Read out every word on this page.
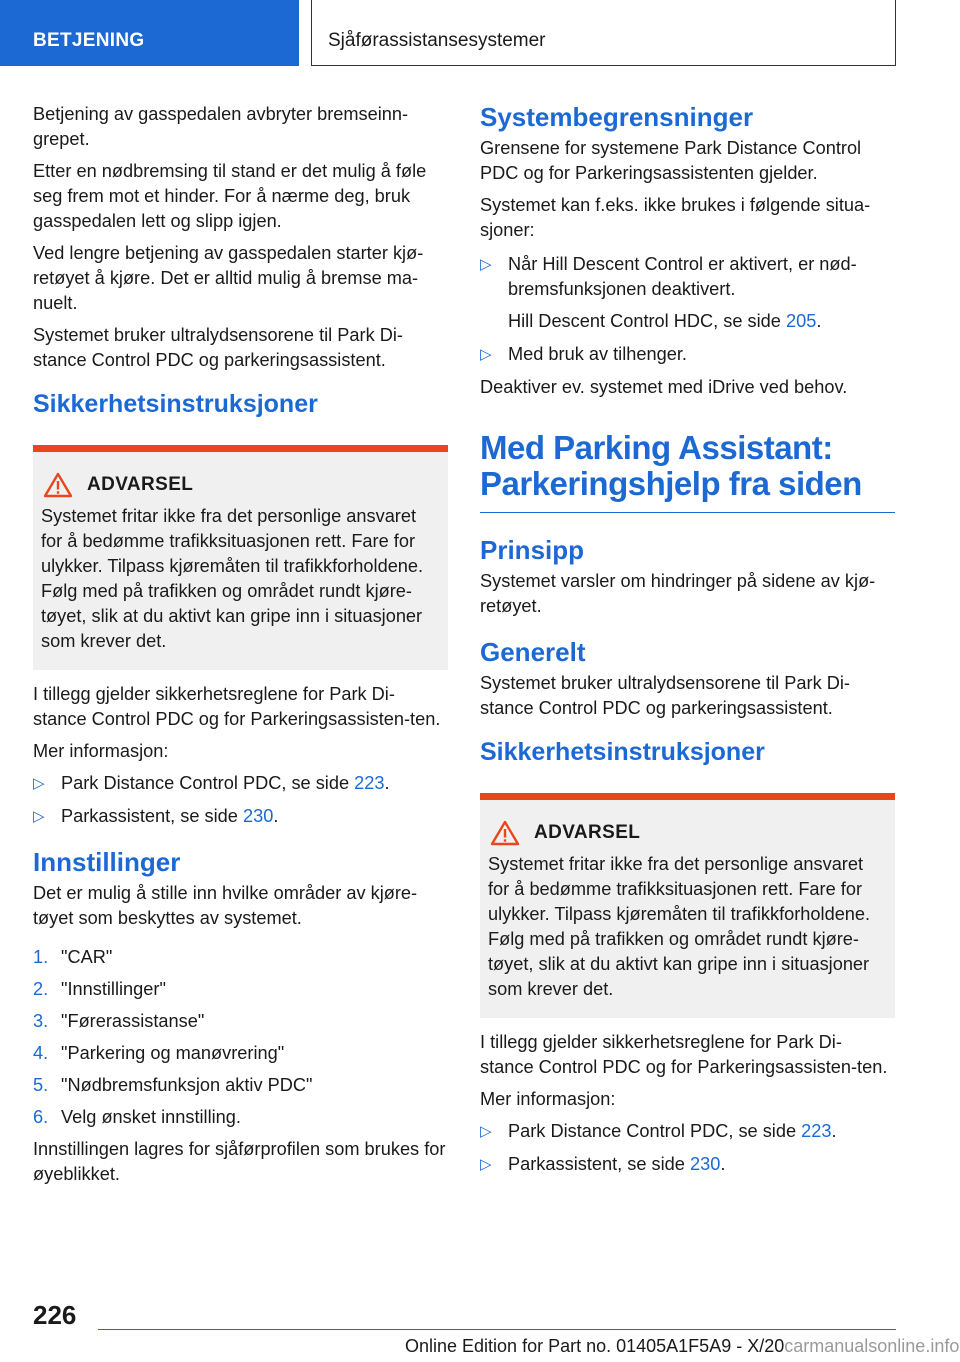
BETJENING	Sjåførassistansesystemer

Betjening av gasspedalen avbryter bremseinn-grepet.

Etter en nødbremsing til stand er det mulig å føle seg frem mot et hinder. For å nærme deg, bruk gasspedalen lett og slipp igjen.

Ved lengre betjening av gasspedalen starter kjø-retøyet å kjøre. Det er alltid mulig å bremse ma-nuelt.

Systemet bruker ultralydsensorene til Park Di-stance Control PDC og parkeringsassistent.

Sikkerhetsinstruksjoner
ADVARSEL

Systemet fritar ikke fra det personlige ansvaret for å bedømme trafikksituasjonen rett. Fare for ulykker. Tilpass kjøremåten til trafikkforholdene. Følg med på trafikken og området rundt kjøre-tøyet, slik at du aktivt kan gripe inn i situasjoner som krever det.

I tillegg gjelder sikkerhetsreglene for Park Di-stance Control PDC og for Parkeringsassisten-ten.

Mer informasjon:

▷ Park Distance Control PDC, se side 223.
▷ Parkassistent, se side 230.
Innstillinger

Det er mulig å stille inn hvilke områder av kjøre-tøyet som beskyttes av systemet.

1. "CAR"
2. "Innstillinger"
3. "Førerassistanse"
4. "Parkering og manøvrering"
5. "Nødbremsfunksjon aktiv PDC"
6. Velg ønsket innstilling.

Innstillingen lagres for sjåførprofilen som brukes for øyeblikket.

Systembegrensninger

Grensene for systemene Park Distance Control PDC og for Parkeringsassistenten gjelder.

Systemet kan f.eks. ikke brukes i følgende situa-sjoner:

▷ Når Hill Descent Control er aktivert, er nød-bremsfunksjonen deaktivert.
Hill Descent Control HDC, se side 205.
▷ Med bruk av tilhenger.

Deaktiver ev. systemet med iDrive ved behov.

Med Parking Assistant:
Parkeringshjelp fra siden
Prinsipp

Systemet varsler om hindringer på sidene av kjø-retøyet.

Generelt

Systemet bruker ultralydsensorene til Park Di-stance Control PDC og parkeringsassistent.

Sikkerhetsinstruksjoner
ADVARSEL

Systemet fritar ikke fra det personlige ansvaret for å bedømme trafikksituasjonen rett. Fare for ulykker. Tilpass kjøremåten til trafikkforholdene. Følg med på trafikken og området rundt kjøre-tøyet, slik at du aktivt kan gripe inn i situasjoner som krever det.

I tillegg gjelder sikkerhetsreglene for Park Di-stance Control PDC og for Parkeringsassisten-ten.

Mer informasjon:

▷ Park Distance Control PDC, se side 223.
▷ Parkassistent, se side 230.
226
Online Edition for Part no. 01405A1F5A9 - X/20carmanualsonline.info
